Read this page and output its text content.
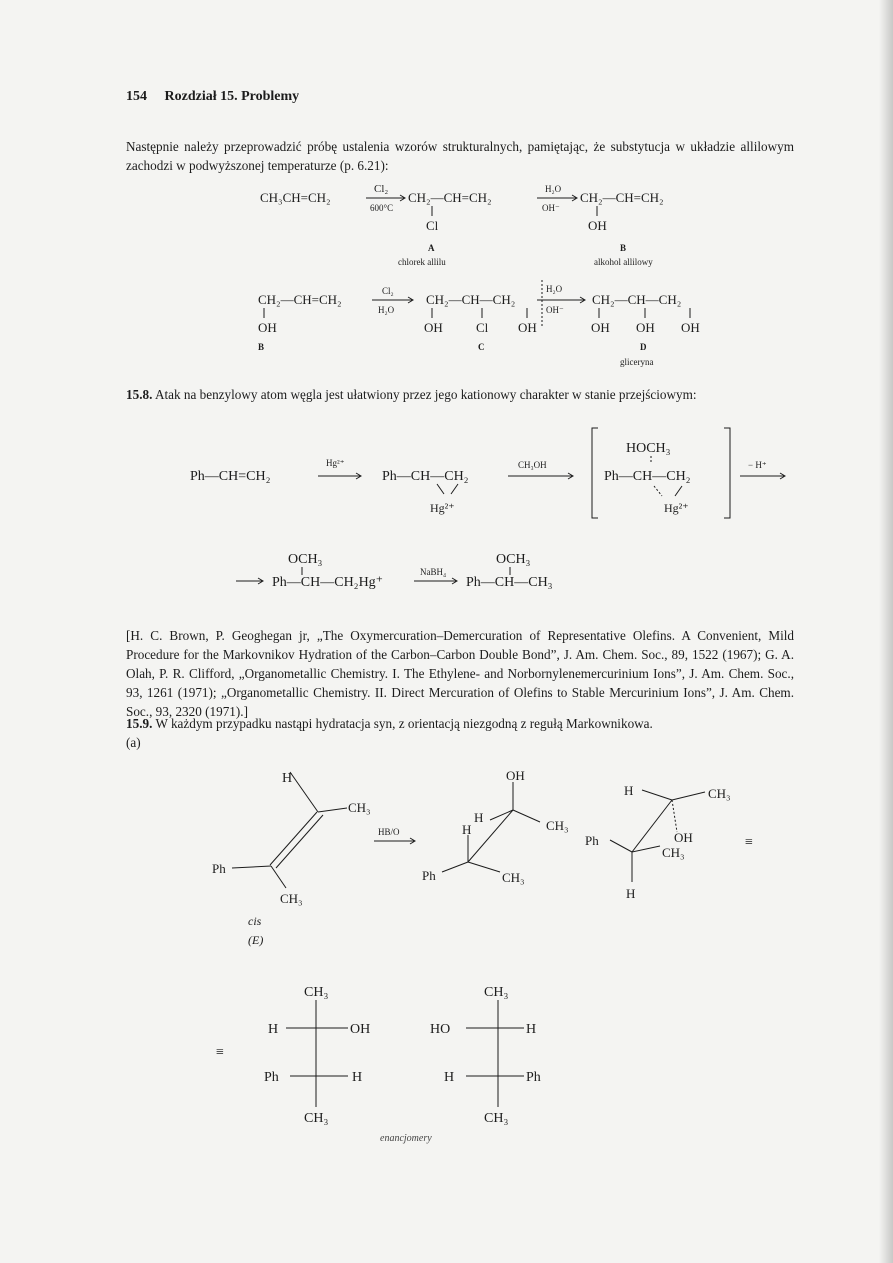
154 Rozdział 15. Problemy
Następnie należy przeprowadzić próbę ustalenia wzorów strukturalnych, pamiętając, że substytucja w układzie allilowym zachodzi w podwyższonej temperaturze (p. 6.21):
15.8. Atak na benzylowy atom węgla jest ułatwiony przez jego kationowy charakter w stanie przejściowym:
[H. C. Brown, P. Geoghegan jr, „The Oxymercuration–Demercuration of Representative Olefins. A Convenient, Mild Procedure for the Markovnikov Hydration of the Carbon–Carbon Double Bond”, J. Am. Chem. Soc., 89, 1522 (1967); G. A. Olah, P. R. Clifford, „Organometallic Chemistry. I. The Ethylene- and Norbornylenemercurinium Ions”, J. Am. Chem. Soc., 93, 1261 (1971); „Organometallic Chemistry. II. Direct Mercuration of Olefins to Stable Mercurinium Ions”, J. Am. Chem. Soc., 93, 2320 (1971).]
15.9. W każdym przypadku nastąpi hydratacja syn, z orientacją niezgodną z regułą Markownikowa.
(a)
CH₃CH=CH₂
Cl₂
600°C
CH₂—CH=CH₂
Cl
H₂O
OH⁻
CH₂—CH=CH₂
OH
A
chlorek allilu
B
alkohol allilowy
CH₂—CH=CH₂
OH
B
Cl₂
H₂O
CH₂—CH—CH₂
OH	Cl OH
C
H₂O
OH⁻
CH₂—CH—CH₂
OH OH OH
D
gliceryna
Ph—CH=CH₂
Hg²⁺
Ph—CH—CH₂
Hg²⁺
CH₃OH
HOCH₃
Ph—CH—CH₂
Hg²⁺
− H⁺
OCH₃
Ph—CH—CH₂Hg⁺
NaBH₄
OCH₃
Ph—CH—CH₃
H
CH₃
Ph
CH₃
HB/O
cis
(E)
OH
H
CH₃
H
Ph	CH₃
H	CH₃
Ph	OH
CH₃
H
≡
≡
CH₃
H	OH
Ph	H
CH₃
CH₃
HO	H
H	Ph
CH₃
enancjomery
